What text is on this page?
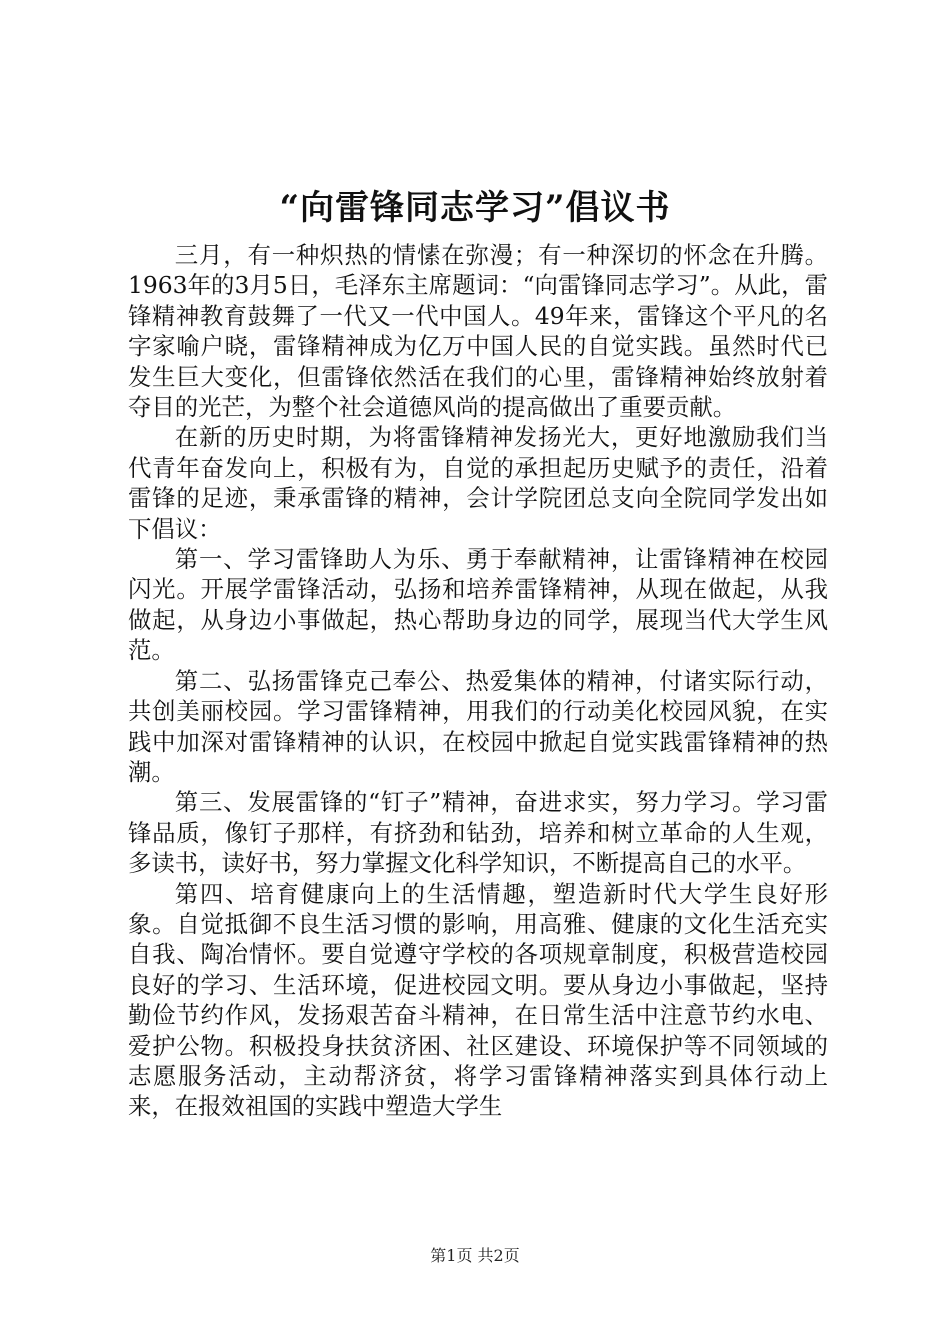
“向雷锋同志学习”倡议书

三月，有一种炽热的情愫在弥漫；有一种深切的怀念在升腾。1963年的3月5日，毛泽东主席题词：“向雷锋同志学习”。从此，雷锋精神教育鼓舞了一代又一代中国人。49年来，雷锋这个平凡的名字家喻户晓，雷锋精神成为亿万中国人民的自觉实践。虽然时代已发生巨大变化，但雷锋依然活在我们的心里，雷锋精神始终放射着夺目的光芒，为整个社会道德风尚的提高做出了重要贡献。

在新的历史时期，为将雷锋精神发扬光大，更好地激励我们当代青年奋发向上，积极有为，自觉的承担起历史赋予的责任，沿着雷锋的足迹，秉承雷锋的精神，会计学院团总支向全院同学发出如下倡议：

第一、学习雷锋助人为乐、勇于奉献精神，让雷锋精神在校园闪光。开展学雷锋活动，弘扬和培养雷锋精神，从现在做起，从我做起，从身边小事做起，热心帮助身边的同学，展现当代大学生风范。

第二、弘扬雷锋克己奉公、热爱集体的精神，付诸实际行动，共创美丽校园。学习雷锋精神，用我们的行动美化校园风貌，在实践中加深对雷锋精神的认识，在校园中掀起自觉实践雷锋精神的热潮。

第三、发展雷锋的“钉子”精神，奋进求实，努力学习。学习雷锋品质，像钉子那样，有挤劲和钻劲，培养和树立革命的人生观，多读书，读好书，努力掌握文化科学知识，不断提高自己的水平。

第四、培育健康向上的生活情趣，塑造新时代大学生良好形象。自觉抵御不良生活习惯的影响，用高雅、健康的文化生活充实自我、陶冶情怀。要自觉遵守学校的各项规章制度，积极营造校园良好的学习、生活环境，促进校园文明。要从身边小事做起，坚持勤俭节约作风，发扬艰苦奋斗精神，在日常生活中注意节约水电、爱护公物。积极投身扶贫济困、社区建设、环境保护等不同领域的志愿服务活动，主动帮济贫，将学习雷锋精神落实到具体行动上来，在报效祖国的实践中塑造大学生

第1页 共2页
